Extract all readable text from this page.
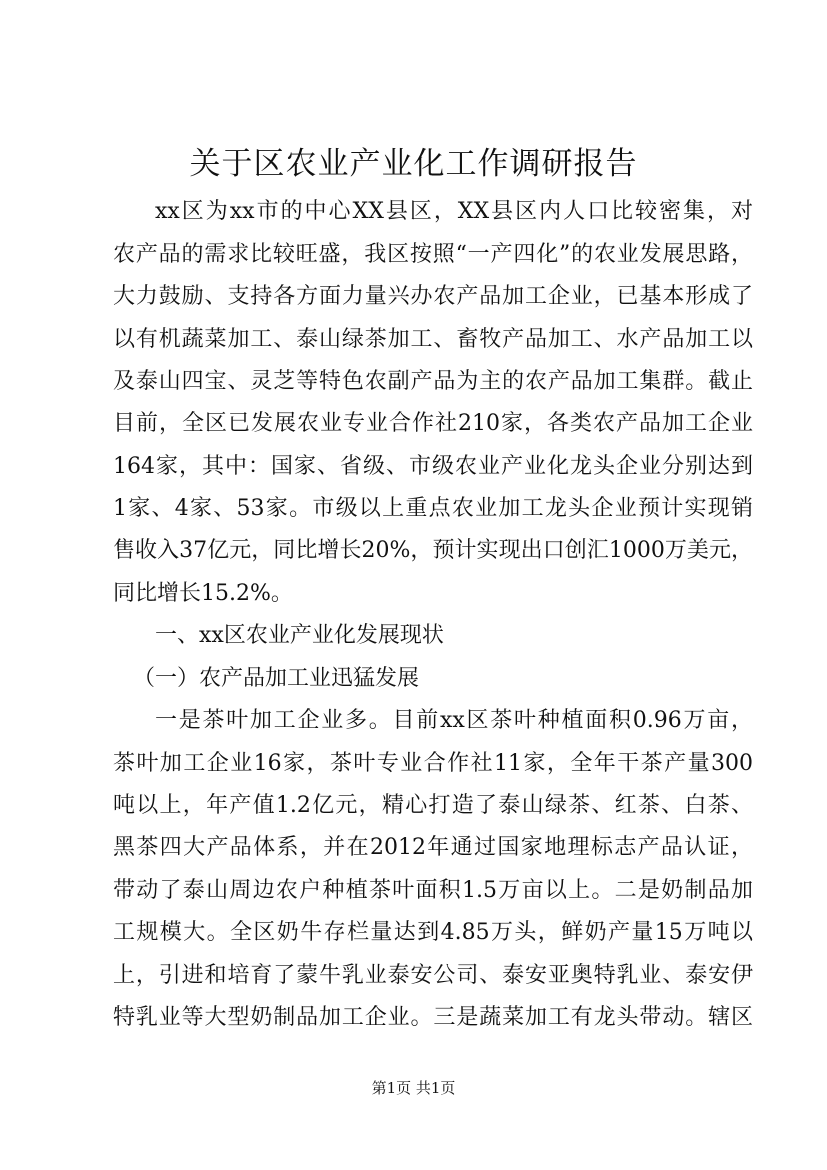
关于区农业产业化工作调研报告
xx区为xx市的中心XX县区，XX县区内人口比较密集，对
农产品的需求比较旺盛，我区按照“一产四化”的农业发展思路，
大力鼓励、支持各方面力量兴办农产品加工企业，已基本形成了
以有机蔬菜加工、泰山绿茶加工、畜牧产品加工、水产品加工以
及泰山四宝、灵芝等特色农副产品为主的农产品加工集群。截止
目前，全区已发展农业专业合作社210家，各类农产品加工企业
164家，其中：国家、省级、市级农业产业化龙头企业分别达到
1家、4家、53家。市级以上重点农业加工龙头企业预计实现销
售收入37亿元，同比增长20%，预计实现出口创汇1000万美元，
同比增长15.2%。
一、xx区农业产业化发展现状
（一）农产品加工业迅猛发展
一是茶叶加工企业多。目前xx区茶叶种植面积0.96万亩，
茶叶加工企业16家，茶叶专业合作社11家，全年干茶产量300
吨以上，年产值1.2亿元，精心打造了泰山绿茶、红茶、白茶、
黑茶四大产品体系，并在2012年通过国家地理标志产品认证，
带动了泰山周边农户种植茶叶面积1.5万亩以上。二是奶制品加
工规模大。全区奶牛存栏量达到4.85万头，鲜奶产量15万吨以
上，引进和培育了蒙牛乳业泰安公司、泰安亚奥特乳业、泰安伊
特乳业等大型奶制品加工企业。三是蔬菜加工有龙头带动。辖区
第1页 共1页
